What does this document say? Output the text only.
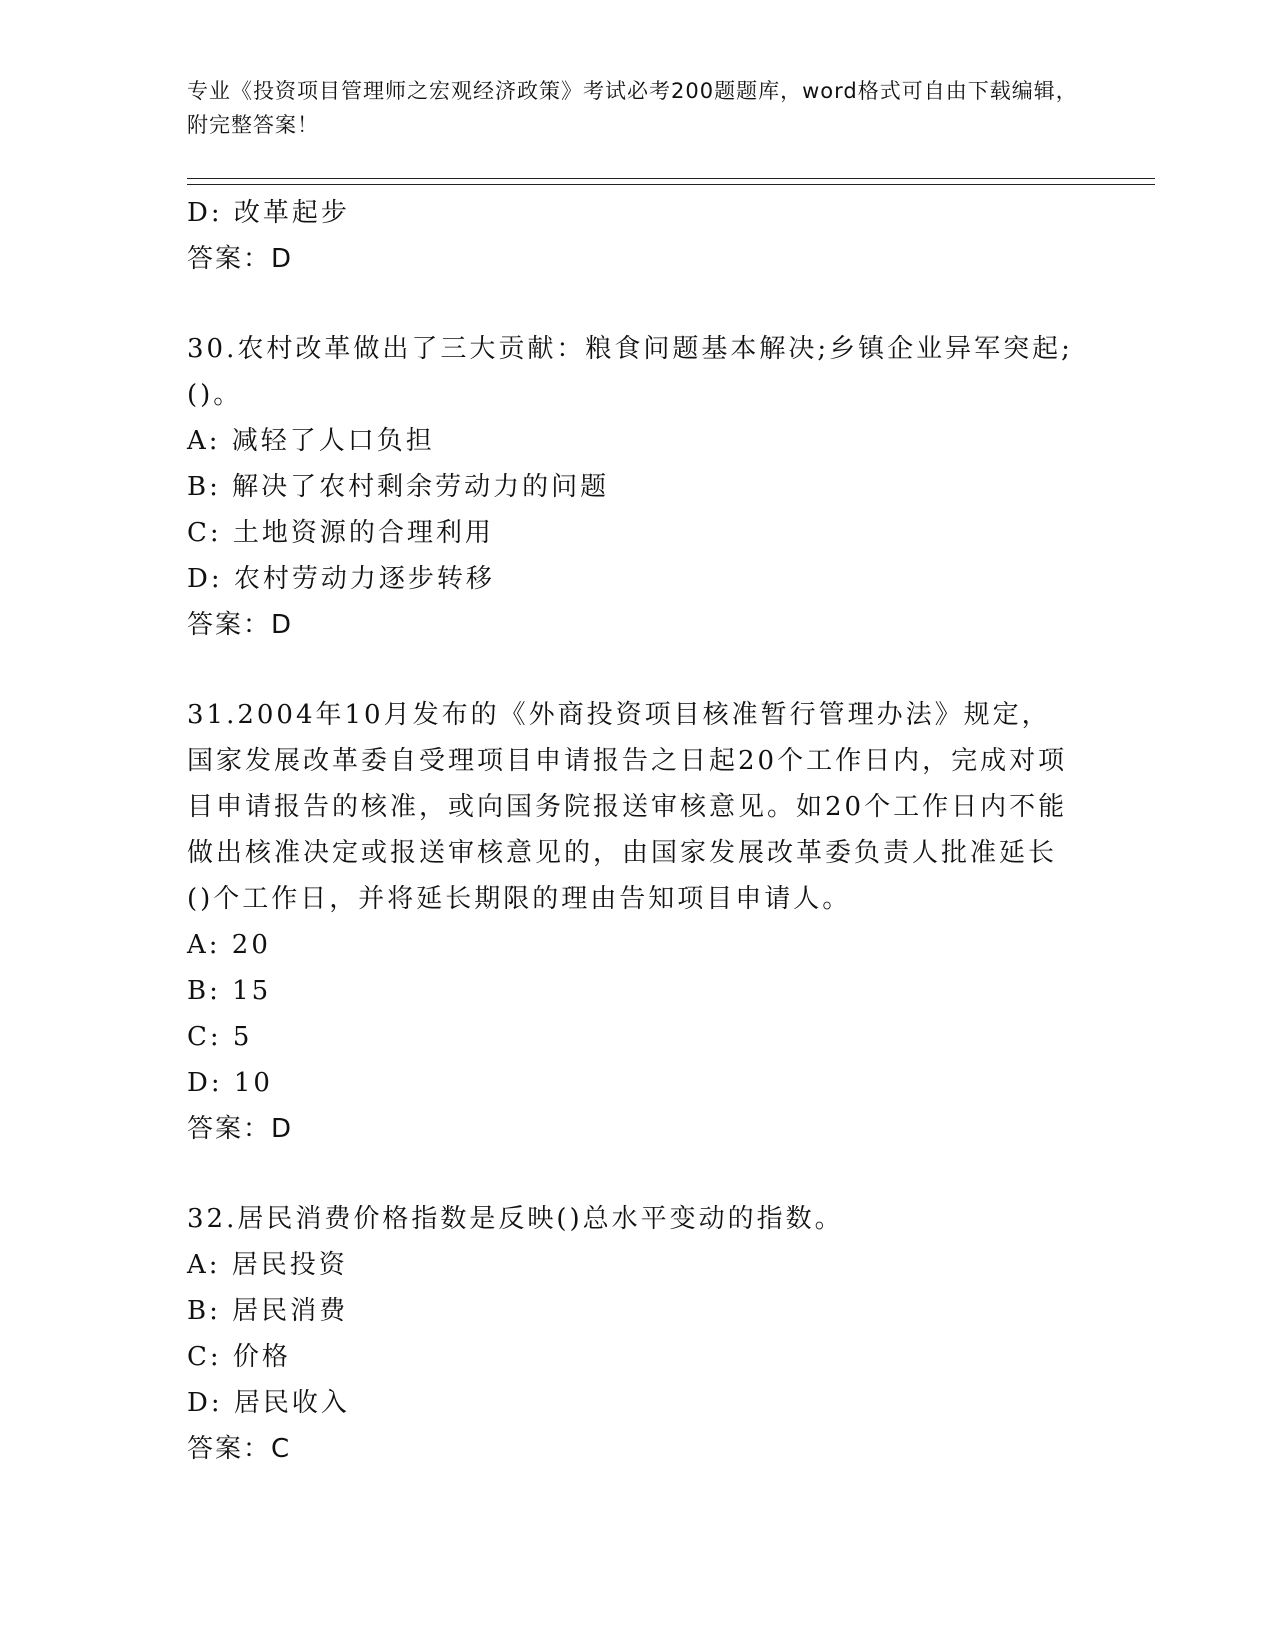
专业《投资项目管理师之宏观经济政策》考试必考200题题库，word格式可自由下载编辑，附完整答案！
D: 改革起步
答案：D
30.农村改革做出了三大贡献：粮食问题基本解决;乡镇企业异军突起;()。
A: 减轻了人口负担
B: 解决了农村剩余劳动力的问题
C: 土地资源的合理利用
D: 农村劳动力逐步转移
答案：D
31.2004年10月发布的《外商投资项目核准暂行管理办法》规定，国家发展改革委自受理项目申请报告之日起20个工作日内，完成对项目申请报告的核准，或向国务院报送审核意见。如20个工作日内不能做出核准决定或报送审核意见的，由国家发展改革委负责人批准延长()个工作日，并将延长期限的理由告知项目申请人。
A: 20
B: 15
C: 5
D: 10
答案：D
32.居民消费价格指数是反映()总水平变动的指数。
A: 居民投资
B: 居民消费
C: 价格
D: 居民收入
答案：C
